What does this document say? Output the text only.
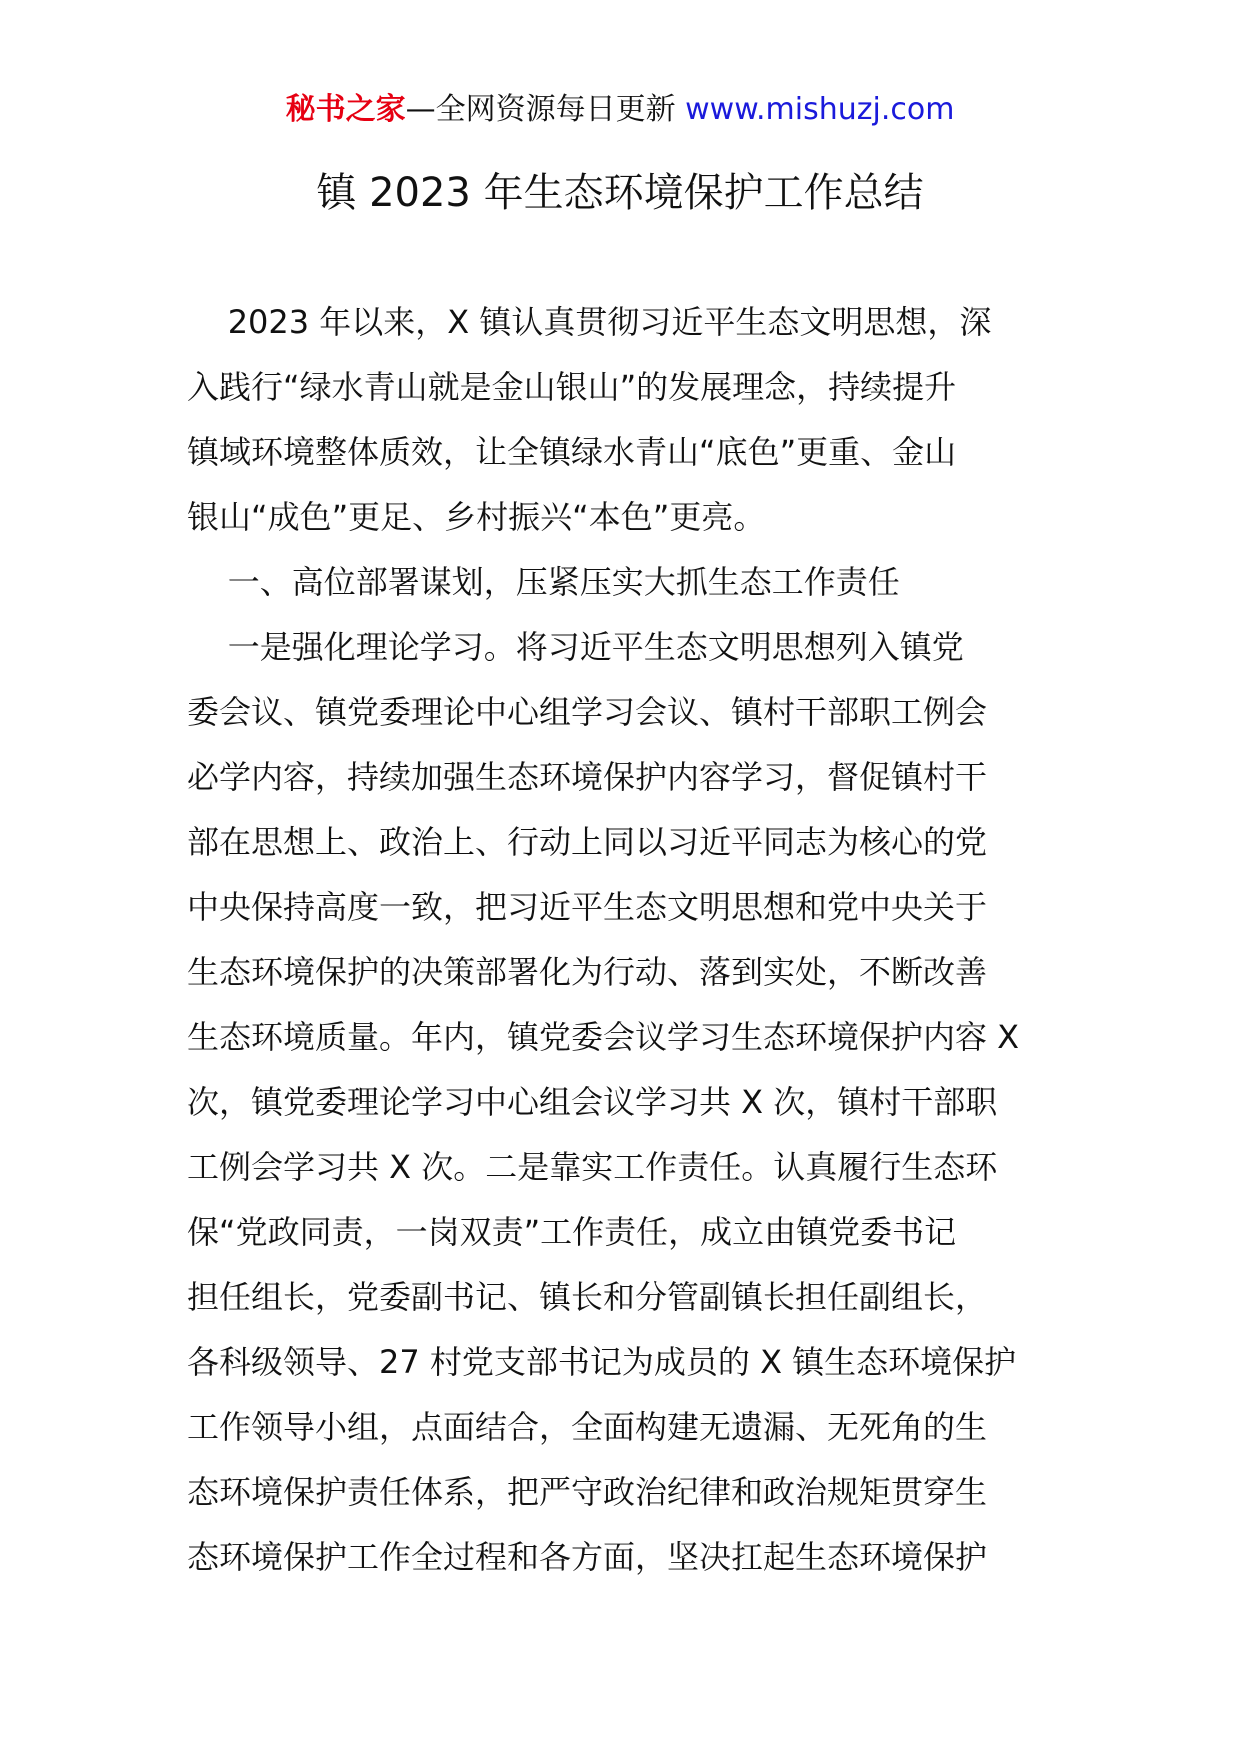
秘书之家—全网资源每日更新 www.mishuzj.com
镇 2023 年生态环境保护工作总结

2023 年以来，X 镇认真贯彻习近平生态文明思想，深

入践行“绿水青山就是金山银山”的发展理念，持续提升

镇域环境整体质效，让全镇绿水青山“底色”更重、金山

银山“成色”更足、乡村振兴“本色”更亮。

一、高位部署谋划，压紧压实大抓生态工作责任

一是强化理论学习。将习近平生态文明思想列入镇党

委会议、镇党委理论中心组学习会议、镇村干部职工例会

必学内容，持续加强生态环境保护内容学习，督促镇村干

部在思想上、政治上、行动上同以习近平同志为核心的党

中央保持高度一致，把习近平生态文明思想和党中央关于

生态环境保护的决策部署化为行动、落到实处，不断改善

生态环境质量。年内，镇党委会议学习生态环境保护内容 X

次，镇党委理论学习中心组会议学习共 X 次，镇村干部职

工例会学习共 X 次。二是靠实工作责任。认真履行生态环

保“党政同责，一岗双责”工作责任，成立由镇党委书记

担任组长，党委副书记、镇长和分管副镇长担任副组长，

各科级领导、27 村党支部书记为成员的 X 镇生态环境保护

工作领导小组，点面结合，全面构建无遗漏、无死角的生

态环境保护责任体系，把严守政治纪律和政治规矩贯穿生

态环境保护工作全过程和各方面，坚决扛起生态环境保护
